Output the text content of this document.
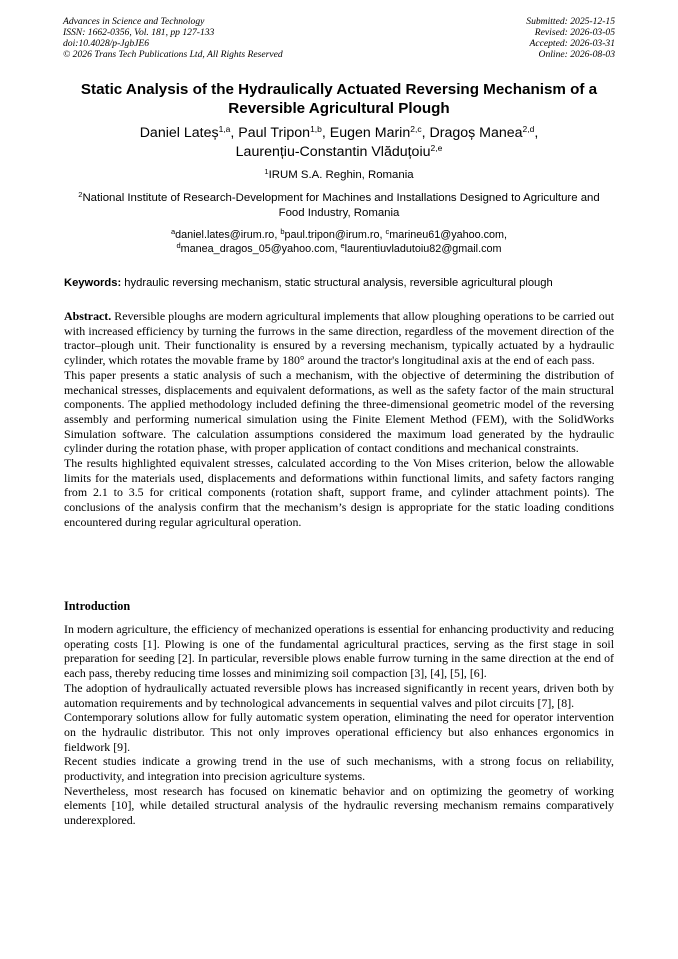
Advances in Science and Technology
ISSN: 1662-0356, Vol. 181, pp 127-133
doi:10.4028/p-JgbJE6
© 2026 Trans Tech Publications Ltd, All Rights Reserved
Submitted: 2025-12-15
Revised: 2026-03-05
Accepted: 2026-03-31
Online: 2026-08-03
Static Analysis of the Hydraulically Actuated Reversing Mechanism of a
Reversible Agricultural Plough
Daniel Lateș$^{1,a}$, Paul Tripon$^{1,b}$, Eugen Marin$^{2,c}$, Dragoș Manea$^{2,d}$,
Laurențiu-Constantin Vlăduțoiu$^{2,e}$
$^1$IRUM S.A. Reghin, Romania
$^2$National Institute of Research-Development for Machines and Installations Designed to Agriculture and Food Industry, Romania
$^a$daniel.lates@irum.ro, $^b$paul.tripon@irum.ro, $^c$marineu61@yahoo.com,
$^d$manea_dragos_05@yahoo.com, $^e$laurentiuvladutoiu82@gmail.com
Keywords: hydraulic reversing mechanism, static structural analysis, reversible agricultural plough

Abstract. Reversible ploughs are modern agricultural implements that allow ploughing operations to be carried out with increased efficiency by turning the furrows in the same direction, regardless of the movement direction of the tractor–plough unit. Their functionality is ensured by a reversing mechanism, typically actuated by a hydraulic cylinder, which rotates the movable frame by 180° around the tractor's longitudinal axis at the end of each pass.

This paper presents a static analysis of such a mechanism, with the objective of determining the distribution of mechanical stresses, displacements and equivalent deformations, as well as the safety factor of the main structural components. The applied methodology included defining the three-dimensional geometric model of the reversing assembly and performing numerical simulation using the Finite Element Method (FEM), with the SolidWorks Simulation software. The calculation assumptions considered the maximum load generated by the hydraulic cylinder during the rotation phase, with proper application of contact conditions and mechanical constraints.

The results highlighted equivalent stresses, calculated according to the Von Mises criterion, below the allowable limits for the materials used, displacements and deformations within functional limits, and safety factors ranging from 2.1 to 3.5 for critical components (rotation shaft, support frame, and cylinder attachment points). The conclusions of the analysis confirm that the mechanism’s design is appropriate for the static loading conditions encountered during regular agricultural operation.

Introduction

In modern agriculture, the efficiency of mechanized operations is essential for enhancing productivity and reducing operating costs [1]. Plowing is one of the fundamental agricultural practices, serving as the first stage in soil preparation for seeding [2]. In particular, reversible plows enable furrow turning in the same direction at the end of each pass, thereby reducing time losses and minimizing soil compaction [3], [4], [5], [6].

The adoption of hydraulically actuated reversible plows has increased significantly in recent years, driven both by automation requirements and by technological advancements in sequential valves and pilot circuits [7], [8].

Contemporary solutions allow for fully automatic system operation, eliminating the need for operator intervention on the hydraulic distributor. This not only improves operational efficiency but also enhances ergonomics in fieldwork [9].

Recent studies indicate a growing trend in the use of such mechanisms, with a strong focus on reliability, productivity, and integration into precision agriculture systems.

Nevertheless, most research has focused on kinematic behavior and on optimizing the geometry of working elements [10], while detailed structural analysis of the hydraulic reversing mechanism remains comparatively underexplored.
